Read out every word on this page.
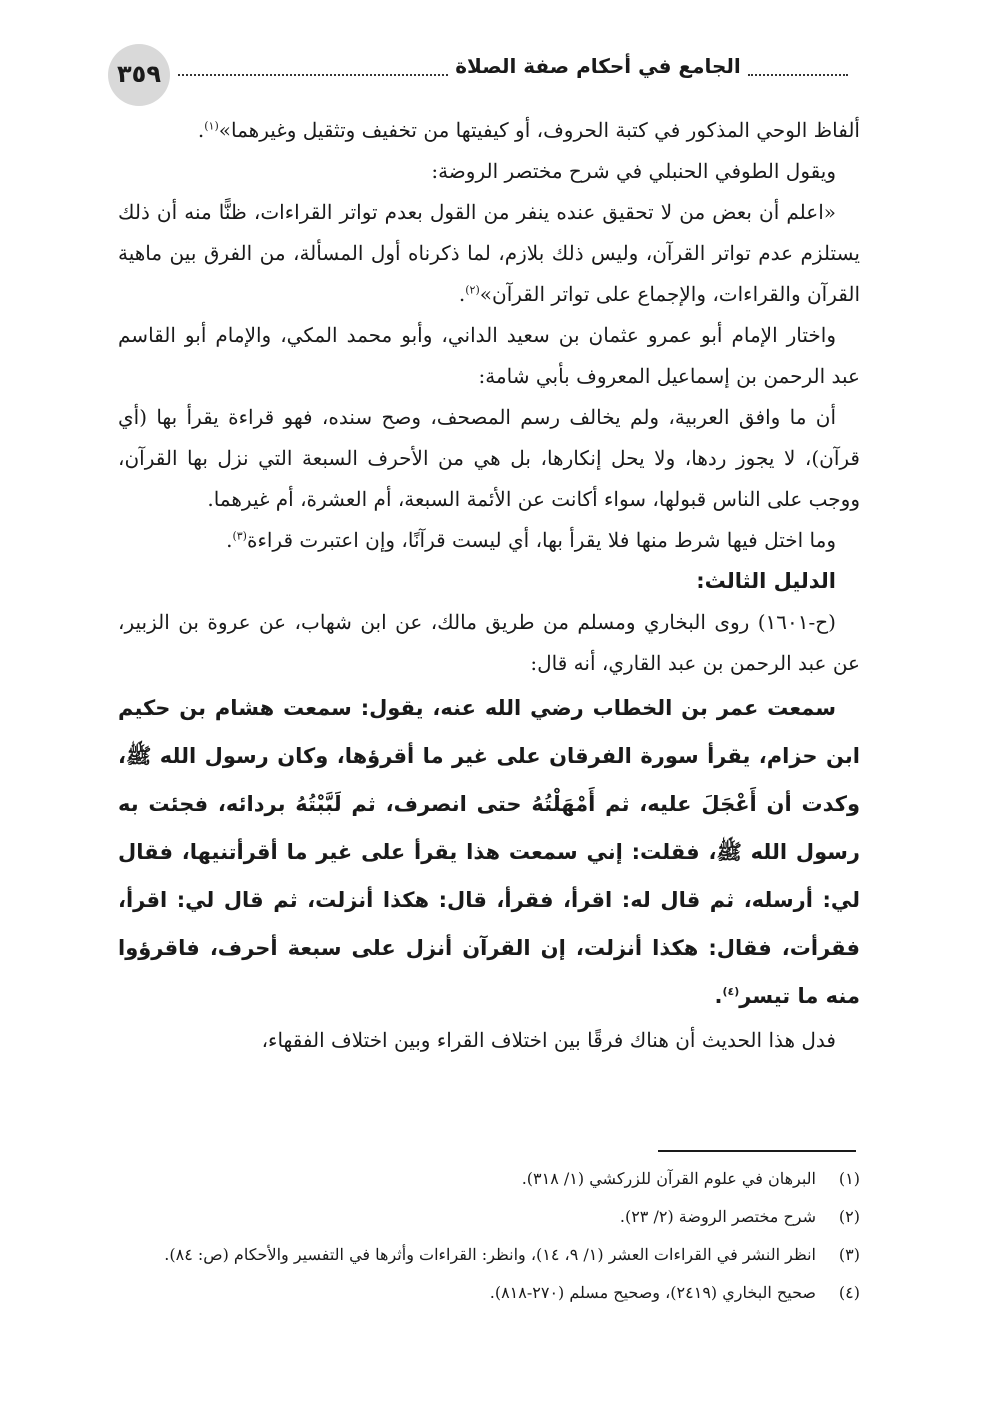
٣٥٩	الجامع في أحكام صفة الصلاة

ألفاظ الوحي المذكور في كتبة الحروف، أو كيفيتها من تخفيف وتثقيل وغيرهما»$^{(١)}$.

ويقول الطوفي الحنبلي في شرح مختصر الروضة:

«اعلم أن بعض من لا تحقيق عنده ينفر من القول بعدم تواتر القراءات، ظنًّا منه أن ذلك يستلزم عدم تواتر القرآن، وليس ذلك بلازم، لما ذكرناه أول المسألة، من الفرق بين ماهية القرآن والقراءات، والإجماع على تواتر القرآن»$^{(٢)}$.

واختار الإمام أبو عمرو عثمان بن سعيد الداني، وأبو محمد المكي، والإمام أبو القاسم عبد الرحمن بن إسماعيل المعروف بأبي شامة:

أن ما وافق العربية، ولم يخالف رسم المصحف، وصح سنده، فهو قراءة يقرأ بها (أي قرآن)، لا يجوز ردها، ولا يحل إنكارها، بل هي من الأحرف السبعة التي نزل بها القرآن، ووجب على الناس قبولها، سواء أكانت عن الأئمة السبعة، أم العشرة، أم غيرهما.

وما اختل فيها شرط منها فلا يقرأ بها، أي ليست قرآنًا، وإن اعتبرت قراءة$^{(٣)}$.

الدليل الثالث:

(ح-١٦٠١) روى البخاري ومسلم من طريق مالك، عن ابن شهاب، عن عروة بن الزبير، عن عبد الرحمن بن عبد القاري، أنه قال:

سمعت عمر بن الخطاب رضي الله عنه، يقول: سمعت هشام بن حكيم ابن حزام، يقرأ سورة الفرقان على غير ما أقرؤها، وكان رسول الله ﷺ، وكدت أن أَعْجَلَ عليه، ثم أَمْهَلْتُهُ حتى انصرف، ثم لَبَّبْتُهُ بردائه، فجئت به رسول الله ﷺ، فقلت: إني سمعت هذا يقرأ على غير ما أقرأتنيها، فقال لي: أرسله، ثم قال له: اقرأ، فقرأ، قال: هكذا أنزلت، ثم قال لي: اقرأ، فقرأت، فقال: هكذا أنزلت، إن القرآن أنزل على سبعة أحرف، فاقرؤوا منه ما تيسر$^{(٤)}$.

فدل هذا الحديث أن هناك فرقًا بين اختلاف القراء وبين اختلاف الفقهاء،

(١)البرهان في علوم القرآن للزركشي (١/ ٣١٨).

(٢)شرح مختصر الروضة (٢/ ٢٣).

(٣)انظر النشر في القراءات العشر (١/ ٩، ١٤)، وانظر: القراءات وأثرها في التفسير والأحكام (ص: ٨٤).

(٤)صحيح البخاري (٢٤١٩)، وصحيح مسلم (٢٧٠-٨١٨).
